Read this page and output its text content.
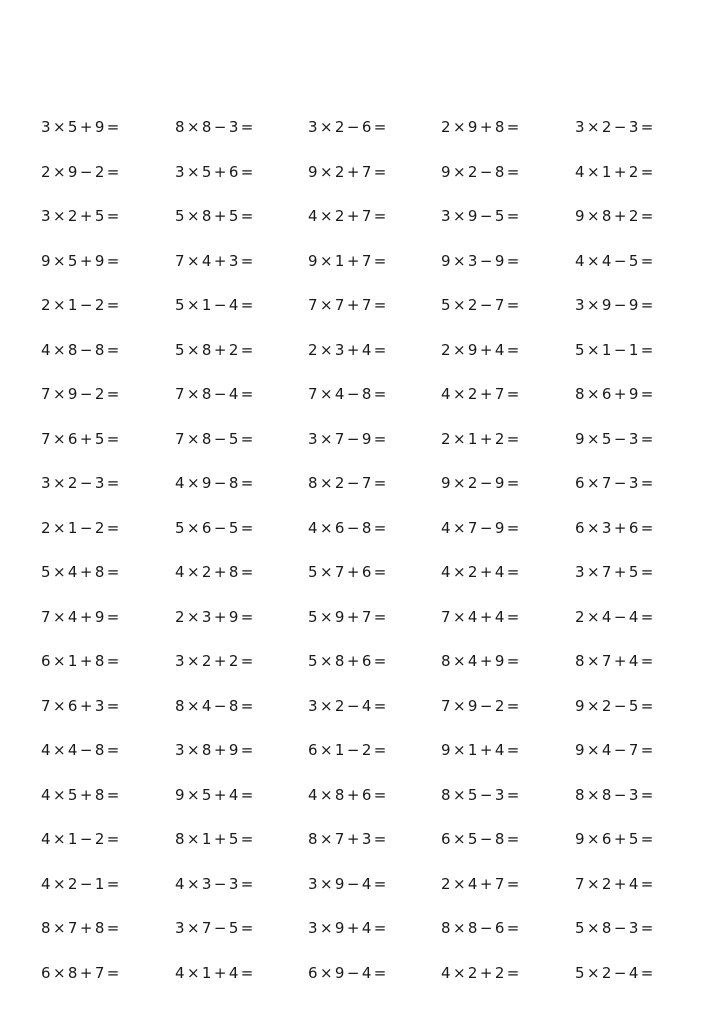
3×5+9=	8×8−3=	3×2−6=	2×9+8=	3×2−3=
2×9−2=	3×5+6=	9×2+7=	9×2−8=	4×1+2=
3×2+5=	5×8+5=	4×2+7=	3×9−5=	9×8+2=
9×5+9=	7×4+3=	9×1+7=	9×3−9=	4×4−5=
2×1−2=	5×1−4=	7×7+7=	5×2−7=	3×9−9=
4×8−8=	5×8+2=	2×3+4=	2×9+4=	5×1−1=
7×9−2=	7×8−4=	7×4−8=	4×2+7=	8×6+9=
7×6+5=	7×8−5=	3×7−9=	2×1+2=	9×5−3=
3×2−3=	4×9−8=	8×2−7=	9×2−9=	6×7−3=
2×1−2=	5×6−5=	4×6−8=	4×7−9=	6×3+6=
5×4+8=	4×2+8=	5×7+6=	4×2+4=	3×7+5=
7×4+9=	2×3+9=	5×9+7=	7×4+4=	2×4−4=
6×1+8=	3×2+2=	5×8+6=	8×4+9=	8×7+4=
7×6+3=	8×4−8=	3×2−4=	7×9−2=	9×2−5=
4×4−8=	3×8+9=	6×1−2=	9×1+4=	9×4−7=
4×5+8=	9×5+4=	4×8+6=	8×5−3=	8×8−3=
4×1−2=	8×1+5=	8×7+3=	6×5−8=	9×6+5=
4×2−1=	4×3−3=	3×9−4=	2×4+7=	7×2+4=
8×7+8=	3×7−5=	3×9+4=	8×8−6=	5×8−3=
6×8+7=	4×1+4=	6×9−4=	4×2+2=	5×2−4=
